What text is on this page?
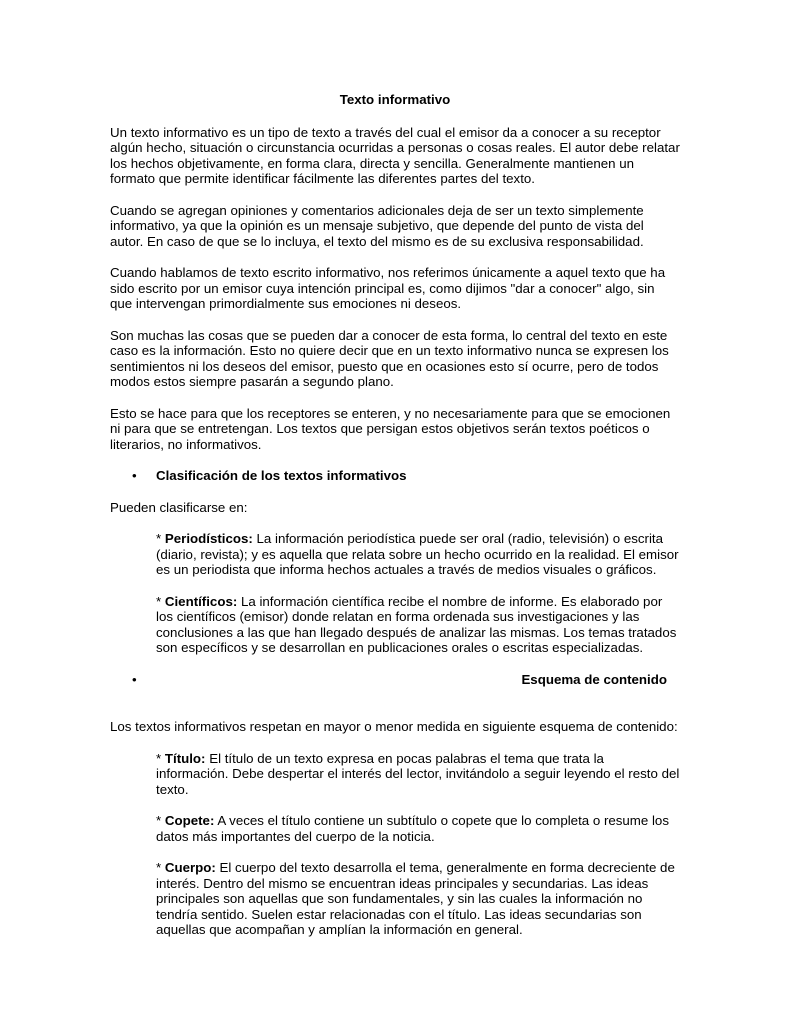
Texto informativo

Un texto informativo es un tipo de texto a través del cual el emisor da a conocer a su receptor algún hecho, situación o circunstancia ocurridas a personas o cosas reales. El autor debe relatar los hechos objetivamente, en forma clara, directa y sencilla. Generalmente mantienen un formato que permite identificar fácilmente las diferentes partes del texto.

Cuando se agregan opiniones y comentarios adicionales deja de ser un texto simplemente informativo, ya que la opinión es un mensaje subjetivo, que depende del punto de vista del autor. En caso de que se lo incluya, el texto del mismo es de su exclusiva responsabilidad.

Cuando hablamos de texto escrito informativo, nos referimos únicamente a aquel texto que ha sido escrito por un emisor cuya intención principal es, como dijimos "dar a conocer" algo, sin que intervengan primordialmente sus emociones ni deseos.

Son muchas las cosas que se pueden dar a conocer de esta forma, lo central del texto en este caso es la información. Esto no quiere decir que en un texto informativo nunca se expresen los sentimientos ni los deseos del emisor, puesto que en ocasiones esto sí ocurre, pero de todos modos estos siempre pasarán a segundo plano.

Esto se hace para que los receptores se enteren, y no necesariamente para que se emocionen ni para que se entretengan. Los textos que persigan estos objetivos serán textos poéticos o literarios, no informativos.

• Clasificación de los textos informativos

Pueden clasificarse en:

* Periodísticos: La información periodística puede ser oral (radio, televisión) o escrita (diario, revista); y es aquella que relata sobre un hecho ocurrido en la realidad. El emisor es un periodista que informa hechos actuales a través de medios visuales o gráficos.

* Científicos: La información científica recibe el nombre de informe. Es elaborado por los científicos (emisor) donde relatan en forma ordenada sus investigaciones y las conclusiones a las que han llegado después de analizar las mismas. Los temas tratados son específicos y se desarrollan en publicaciones orales o escritas especializadas.

•	Esquema de contenido

Los textos informativos respetan en mayor o menor medida en siguiente esquema de contenido:

* Título: El título de un texto expresa en pocas palabras el tema que trata la información. Debe despertar el interés del lector, invitándolo a seguir leyendo el resto del texto.

* Copete: A veces el título contiene un subtítulo o copete que lo completa o resume los datos más importantes del cuerpo de la noticia.

* Cuerpo: El cuerpo del texto desarrolla el tema, generalmente en forma decreciente de interés. Dentro del mismo se encuentran ideas principales y secundarias. Las ideas principales son aquellas que son fundamentales, y sin las cuales la información no tendría sentido. Suelen estar relacionadas con el título. Las ideas secundarias son aquellas que acompañan y amplían la información en general.
